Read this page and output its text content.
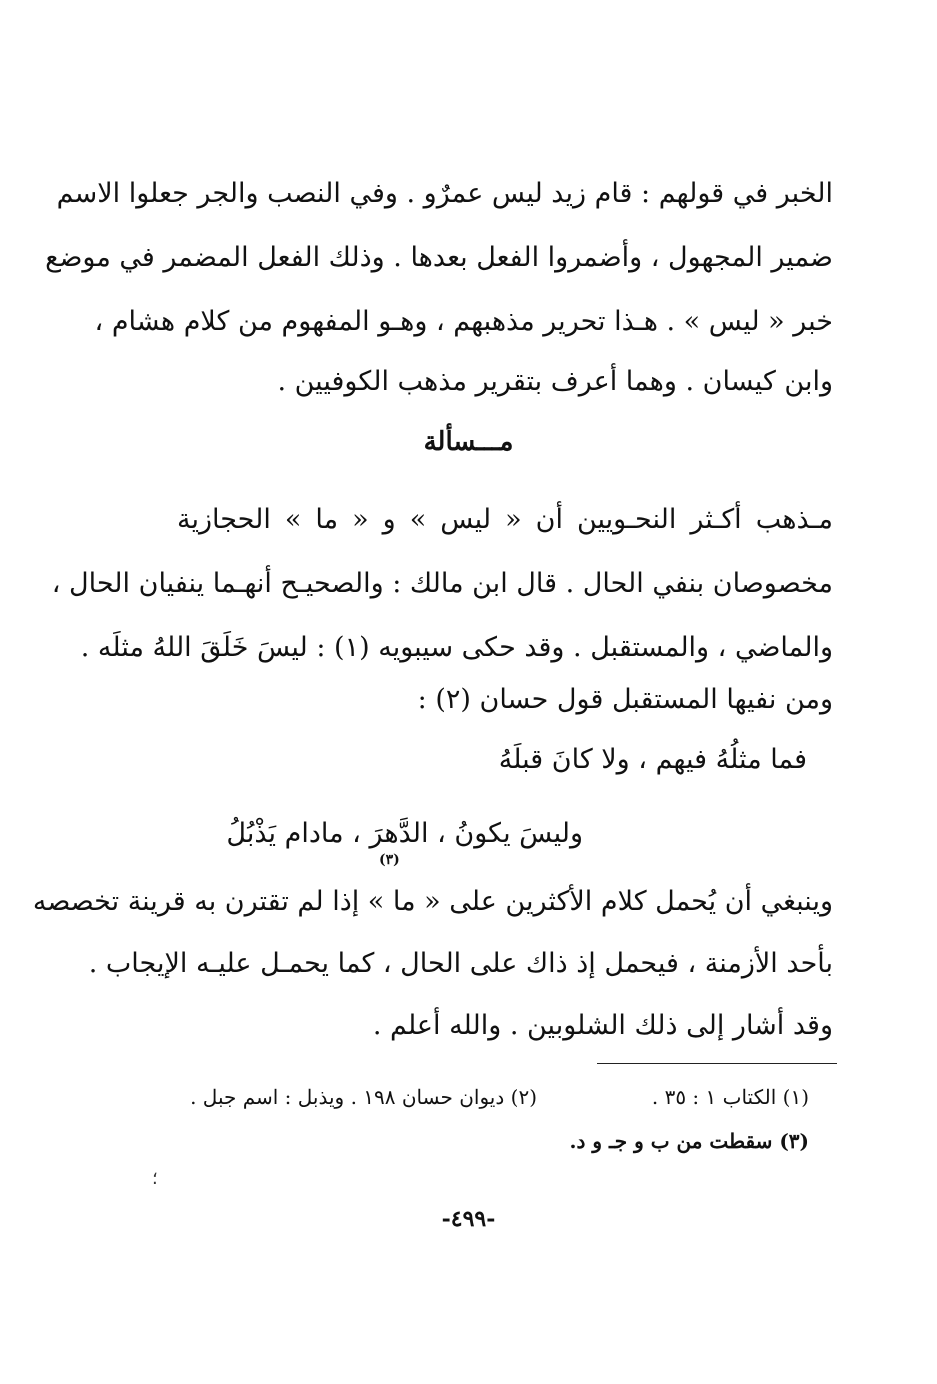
الخبر في قولهم : قام زيد ليس عمرٌو . وفي النصب والجر جعلوا الاسم
ضمير المجهول ، وأضمروا الفعل بعدها . وذلك الفعل المضمر في موضع
خبر « ليس » . هـذا تحرير مذهبهم ، وهـو المفهوم من كلام هشام ،
وابن كيسان . وهما أعرف بتقرير مذهب الكوفيين .
مـــسألة
مـذهب أكـثر النحـويين أن « ليس » و « ما » الحجازية
مخصوصان بنفي الحال . قال ابن مالك : والصحيـح أنهـما ينفيان الحال ،
والماضي ، والمستقبل . وقد حكى سيبويه (١) : ليسَ خَلَقَ اللهُ مثلَه .
ومن نفيها المستقبل قول حسان (٢) :
فما مثلُهُ فيهم ، ولا كانَ قبلَهُ
وليسَ يكونُ ، الدَّهرَ ، مادام يَذْبُلُ
(٣)
وينبغي أن يُحمل كلام الأكثرين على « ما » إذا لم تقترن به قرينة تخصصه
بأحد الأزمنة ، فيحمل إذ ذاك على الحال ، كما يحمـل عليـه الإيجاب .
وقد أشار إلى ذلك الشلوبين . والله أعلم .
(١) الكتاب ١ : ٣٥ .
(٢) ديوان حسان ١٩٨ . ويذبل : اسم جبل .
(٣) سقطت من ب و جـ و د.
؛
-٤٩٩-
